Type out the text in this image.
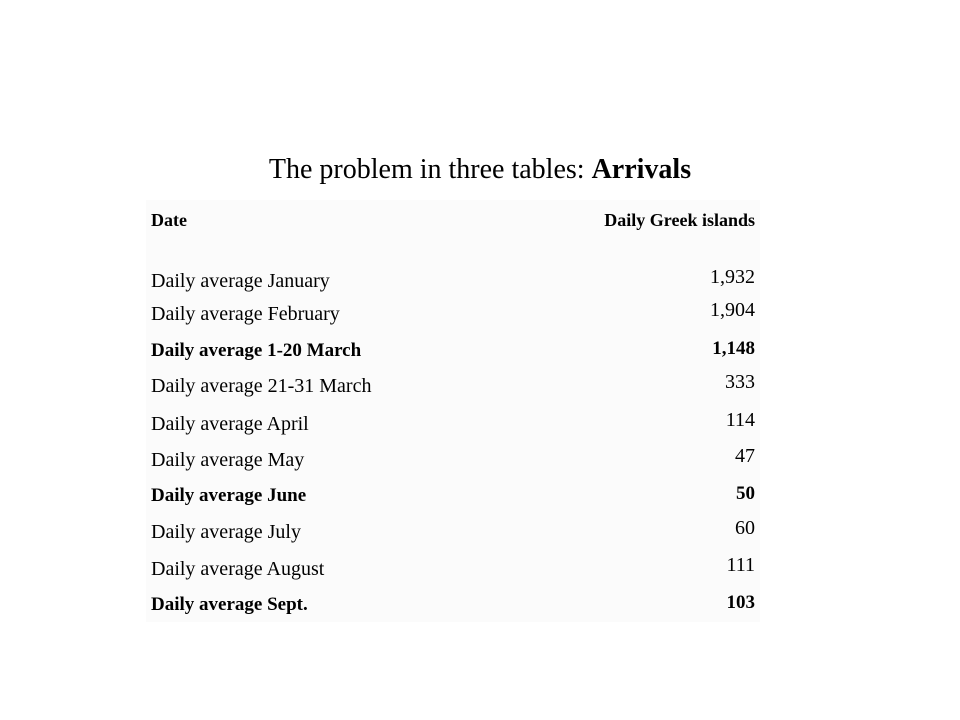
The problem in three tables: Arrivals
Date	Daily Greek islands
Daily average January	1,932
Daily average February	1,904
Daily average 1-20 March	1,148
Daily average 21-31 March	333
Daily average April	114
Daily average May	47
Daily average June	50
Daily average July	60
Daily average August	111
Daily average Sept.	103
